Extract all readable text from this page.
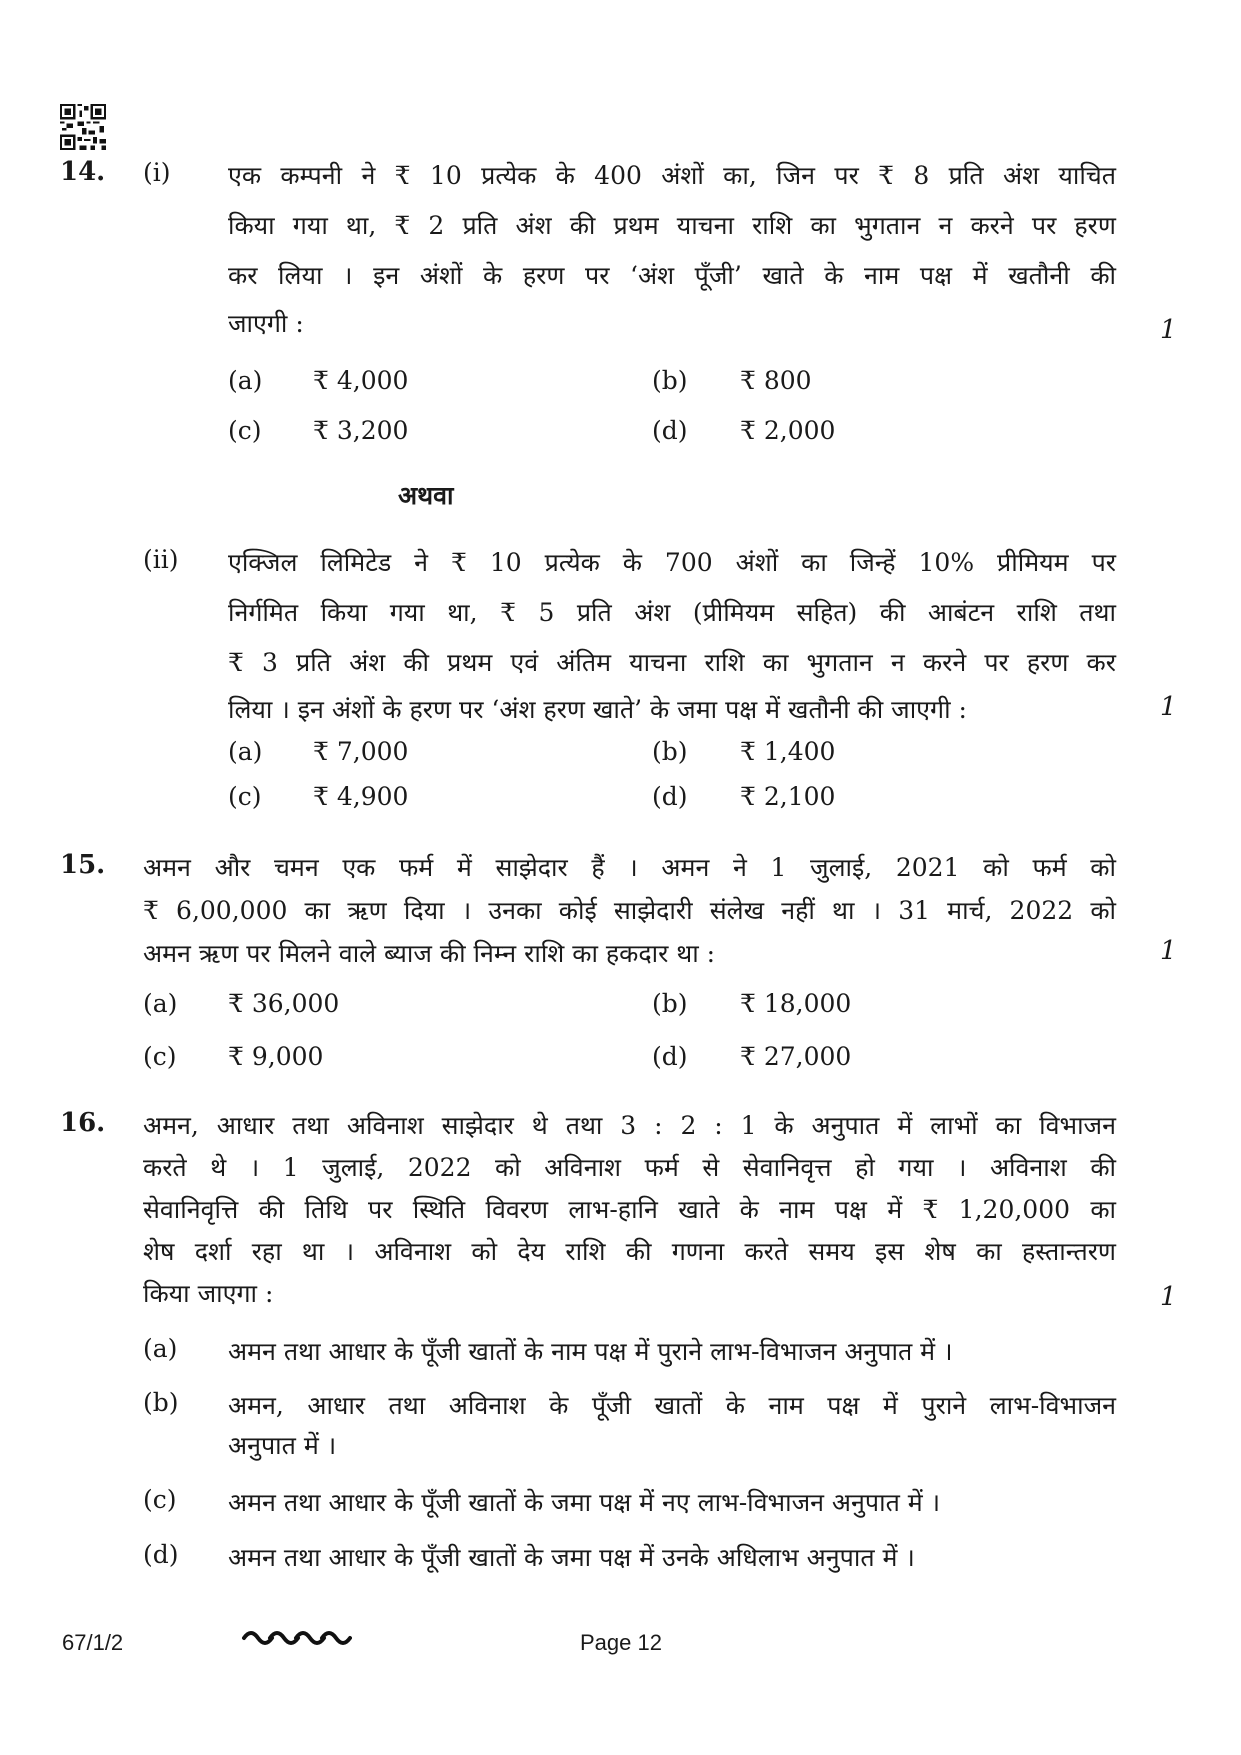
14. (i) एक कम्पनी ने ₹ 10 प्रत्येक के 400 अंशों का, जिन पर ₹ 8 प्रति अंश याचित
किया गया था, ₹ 2 प्रति अंश की प्रथम याचना राशि का भुगतान न करने पर हरण
कर लिया । इन अंशों के हरण पर ‘अंश पूँजी’ खाते के नाम पक्ष में खतौनी की
जाएगी :	1
(a) ₹ 4,000	(b) ₹ 800
(c) ₹ 3,200	(d) ₹ 2,000
अथवा
(ii) एक्जिल लिमिटेड ने ₹ 10 प्रत्येक के 700 अंशों का जिन्हें 10% प्रीमियम पर
निर्गमित किया गया था, ₹ 5 प्रति अंश (प्रीमियम सहित) की आबंटन राशि तथा
₹ 3 प्रति अंश की प्रथम एवं अंतिम याचना राशि का भुगतान न करने पर हरण कर
लिया । इन अंशों के हरण पर ‘अंश हरण खाते’ के जमा पक्ष में खतौनी की जाएगी :	1
(a) ₹ 7,000	(b) ₹ 1,400
(c) ₹ 4,900	(d) ₹ 2,100
15. अमन और चमन एक फर्म में साझेदार हैं । अमन ने 1 जुलाई, 2021 को फर्म को
₹ 6,00,000 का ऋण दिया । उनका कोई साझेदारी संलेख नहीं था । 31 मार्च, 2022 को
अमन ऋण पर मिलने वाले ब्याज की निम्न राशि का हकदार था :	1
(a) ₹ 36,000	(b) ₹ 18,000
(c) ₹ 9,000	(d) ₹ 27,000
16. अमन, आधार तथा अविनाश साझेदार थे तथा 3 : 2 : 1 के अनुपात में लाभों का विभाजन
करते थे । 1 जुलाई, 2022 को अविनाश फर्म से सेवानिवृत्त हो गया । अविनाश की
सेवानिवृत्ति की तिथि पर स्थिति विवरण लाभ-हानि खाते के नाम पक्ष में ₹ 1,20,000 का
शेष दर्शा रहा था । अविनाश को देय राशि की गणना करते समय इस शेष का हस्तान्तरण
किया जाएगा :	1
(a) अमन तथा आधार के पूँजी खातों के नाम पक्ष में पुराने लाभ-विभाजन अनुपात में ।
(b) अमन, आधार तथा अविनाश के पूँजी खातों के नाम पक्ष में पुराने लाभ-विभाजन
अनुपात में ।
(c) अमन तथा आधार के पूँजी खातों के जमा पक्ष में नए लाभ-विभाजन अनुपात में ।
(d) अमन तथा आधार के पूँजी खातों के जमा पक्ष में उनके अधिलाभ अनुपात में ।
67/1/2	Page 12
